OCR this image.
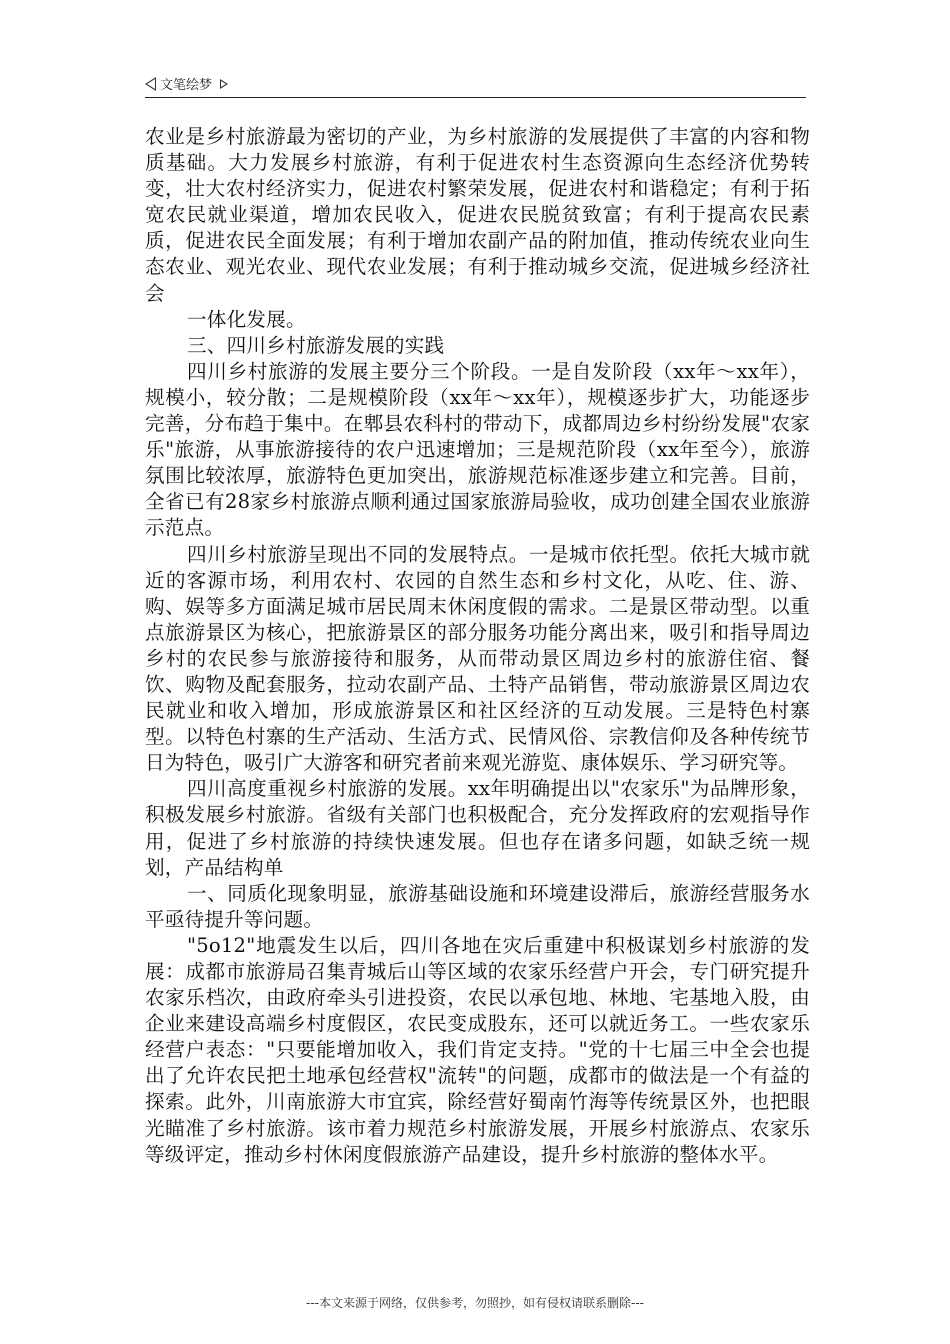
文笔绘梦

农业是乡村旅游最为密切的产业，为乡村旅游的发展提供了丰富的内容和物质基础。大力发展乡村旅游，有利于促进农村生态资源向生态经济优势转变，壮大农村经济实力，促进农村繁荣发展，促进农村和谐稳定；有利于拓宽农民就业渠道，增加农民收入，促进农民脱贫致富；有利于提高农民素质，促进农民全面发展；有利于增加农副产品的附加值，推动传统农业向生态农业、观光农业、现代农业发展；有利于推动城乡交流，促进城乡经济社会

一体化发展。

三、四川乡村旅游发展的实践

四川乡村旅游的发展主要分三个阶段。一是自发阶段（xx年～xx年），规模小，较分散；二是规模阶段（xx年～xx年），规模逐步扩大，功能逐步完善，分布趋于集中。在郫县农科村的带动下，成都周边乡村纷纷发展"农家乐"旅游，从事旅游接待的农户迅速增加；三是规范阶段（xx年至今），旅游氛围比较浓厚，旅游特色更加突出，旅游规范标准逐步建立和完善。目前，全省已有28家乡村旅游点顺利通过国家旅游局验收，成功创建全国农业旅游示范点。

四川乡村旅游呈现出不同的发展特点。一是城市依托型。依托大城市就近的客源市场，利用农村、农园的自然生态和乡村文化，从吃、住、游、购、娱等多方面满足城市居民周末休闲度假的需求。二是景区带动型。以重点旅游景区为核心，把旅游景区的部分服务功能分离出来，吸引和指导周边乡村的农民参与旅游接待和服务，从而带动景区周边乡村的旅游住宿、餐饮、购物及配套服务，拉动农副产品、土特产品销售，带动旅游景区周边农民就业和收入增加，形成旅游景区和社区经济的互动发展。三是特色村寨型。以特色村寨的生产活动、生活方式、民情风俗、宗教信仰及各种传统节日为特色，吸引广大游客和研究者前来观光游览、康体娱乐、学习研究等。

四川高度重视乡村旅游的发展。xx年明确提出以"农家乐"为品牌形象，积极发展乡村旅游。省级有关部门也积极配合，充分发挥政府的宏观指导作用，促进了乡村旅游的持续快速发展。但也存在诸多问题，如缺乏统一规划，产品结构单

一、同质化现象明显，旅游基础设施和环境建设滞后，旅游经营服务水平亟待提升等问题。

"5o12"地震发生以后，四川各地在灾后重建中积极谋划乡村旅游的发展：成都市旅游局召集青城后山等区域的农家乐经营户开会，专门研究提升农家乐档次，由政府牵头引进投资，农民以承包地、林地、宅基地入股，由企业来建设高端乡村度假区，农民变成股东，还可以就近务工。一些农家乐经营户表态："只要能增加收入，我们肯定支持。"党的十七届三中全会也提出了允许农民把土地承包经营权"流转"的问题，成都市的做法是一个有益的探索。此外，川南旅游大市宜宾，除经营好蜀南竹海等传统景区外，也把眼光瞄准了乡村旅游。该市着力规范乡村旅游发展，开展乡村旅游点、农家乐等级评定，推动乡村休闲度假旅游产品建设，提升乡村旅游的整体水平。

---本文来源于网络，仅供参考，勿照抄，如有侵权请联系删除---
